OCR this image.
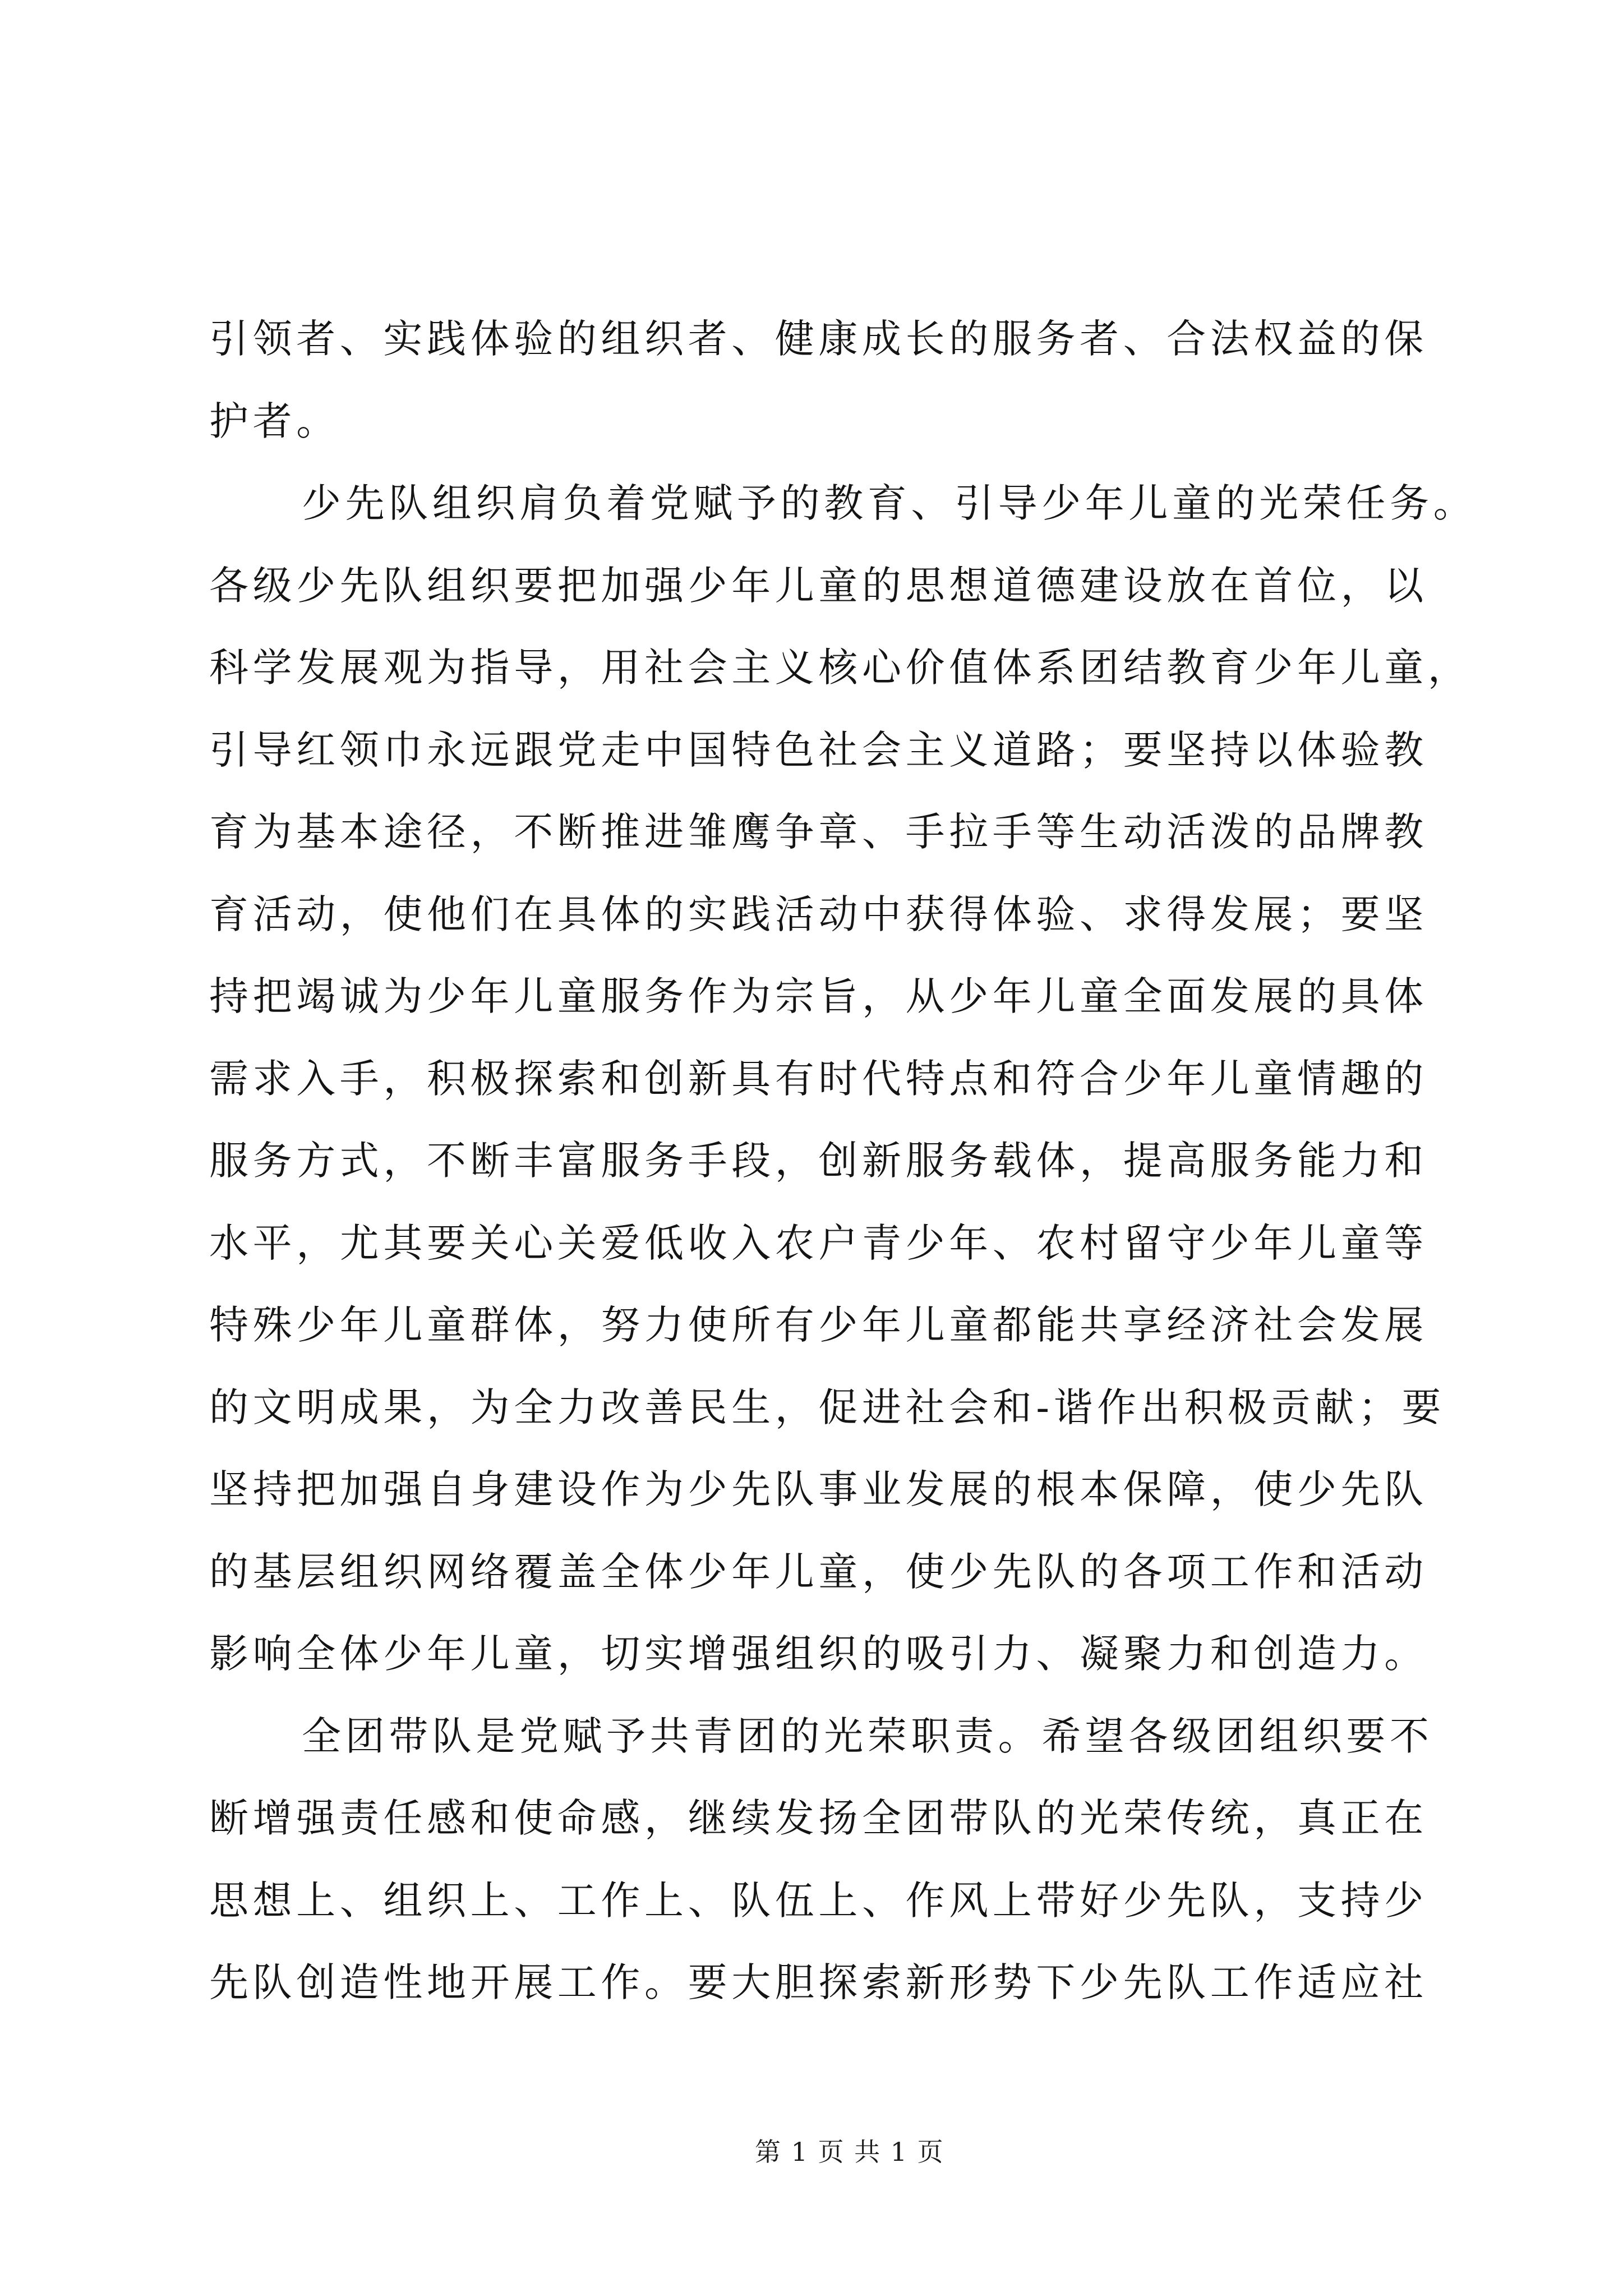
引领者、实践体验的组织者、健康成长的服务者、合法权益的保
护者。
少先队组织肩负着党赋予的教育、引导少年儿童的光荣任务。
各级少先队组织要把加强少年儿童的思想道德建设放在首位，以
科学发展观为指导，用社会主义核心价值体系团结教育少年儿童，
引导红领巾永远跟党走中国特色社会主义道路；要坚持以体验教
育为基本途径，不断推进雏鹰争章、手拉手等生动活泼的品牌教
育活动，使他们在具体的实践活动中获得体验、求得发展；要坚
持把竭诚为少年儿童服务作为宗旨，从少年儿童全面发展的具体
需求入手，积极探索和创新具有时代特点和符合少年儿童情趣的
服务方式，不断丰富服务手段，创新服务载体，提高服务能力和
水平，尤其要关心关爱低收入农户青少年、农村留守少年儿童等
特殊少年儿童群体，努力使所有少年儿童都能共享经济社会发展
的文明成果，为全力改善民生，促进社会和-谐作出积极贡献；要
坚持把加强自身建设作为少先队事业发展的根本保障，使少先队
的基层组织网络覆盖全体少年儿童，使少先队的各项工作和活动
影响全体少年儿童，切实增强组织的吸引力、凝聚力和创造力。
全团带队是党赋予共青团的光荣职责。希望各级团组织要不
断增强责任感和使命感，继续发扬全团带队的光荣传统，真正在
思想上、组织上、工作上、队伍上、作风上带好少先队，支持少
先队创造性地开展工作。要大胆探索新形势下少先队工作适应社
第 1 页 共 1 页
